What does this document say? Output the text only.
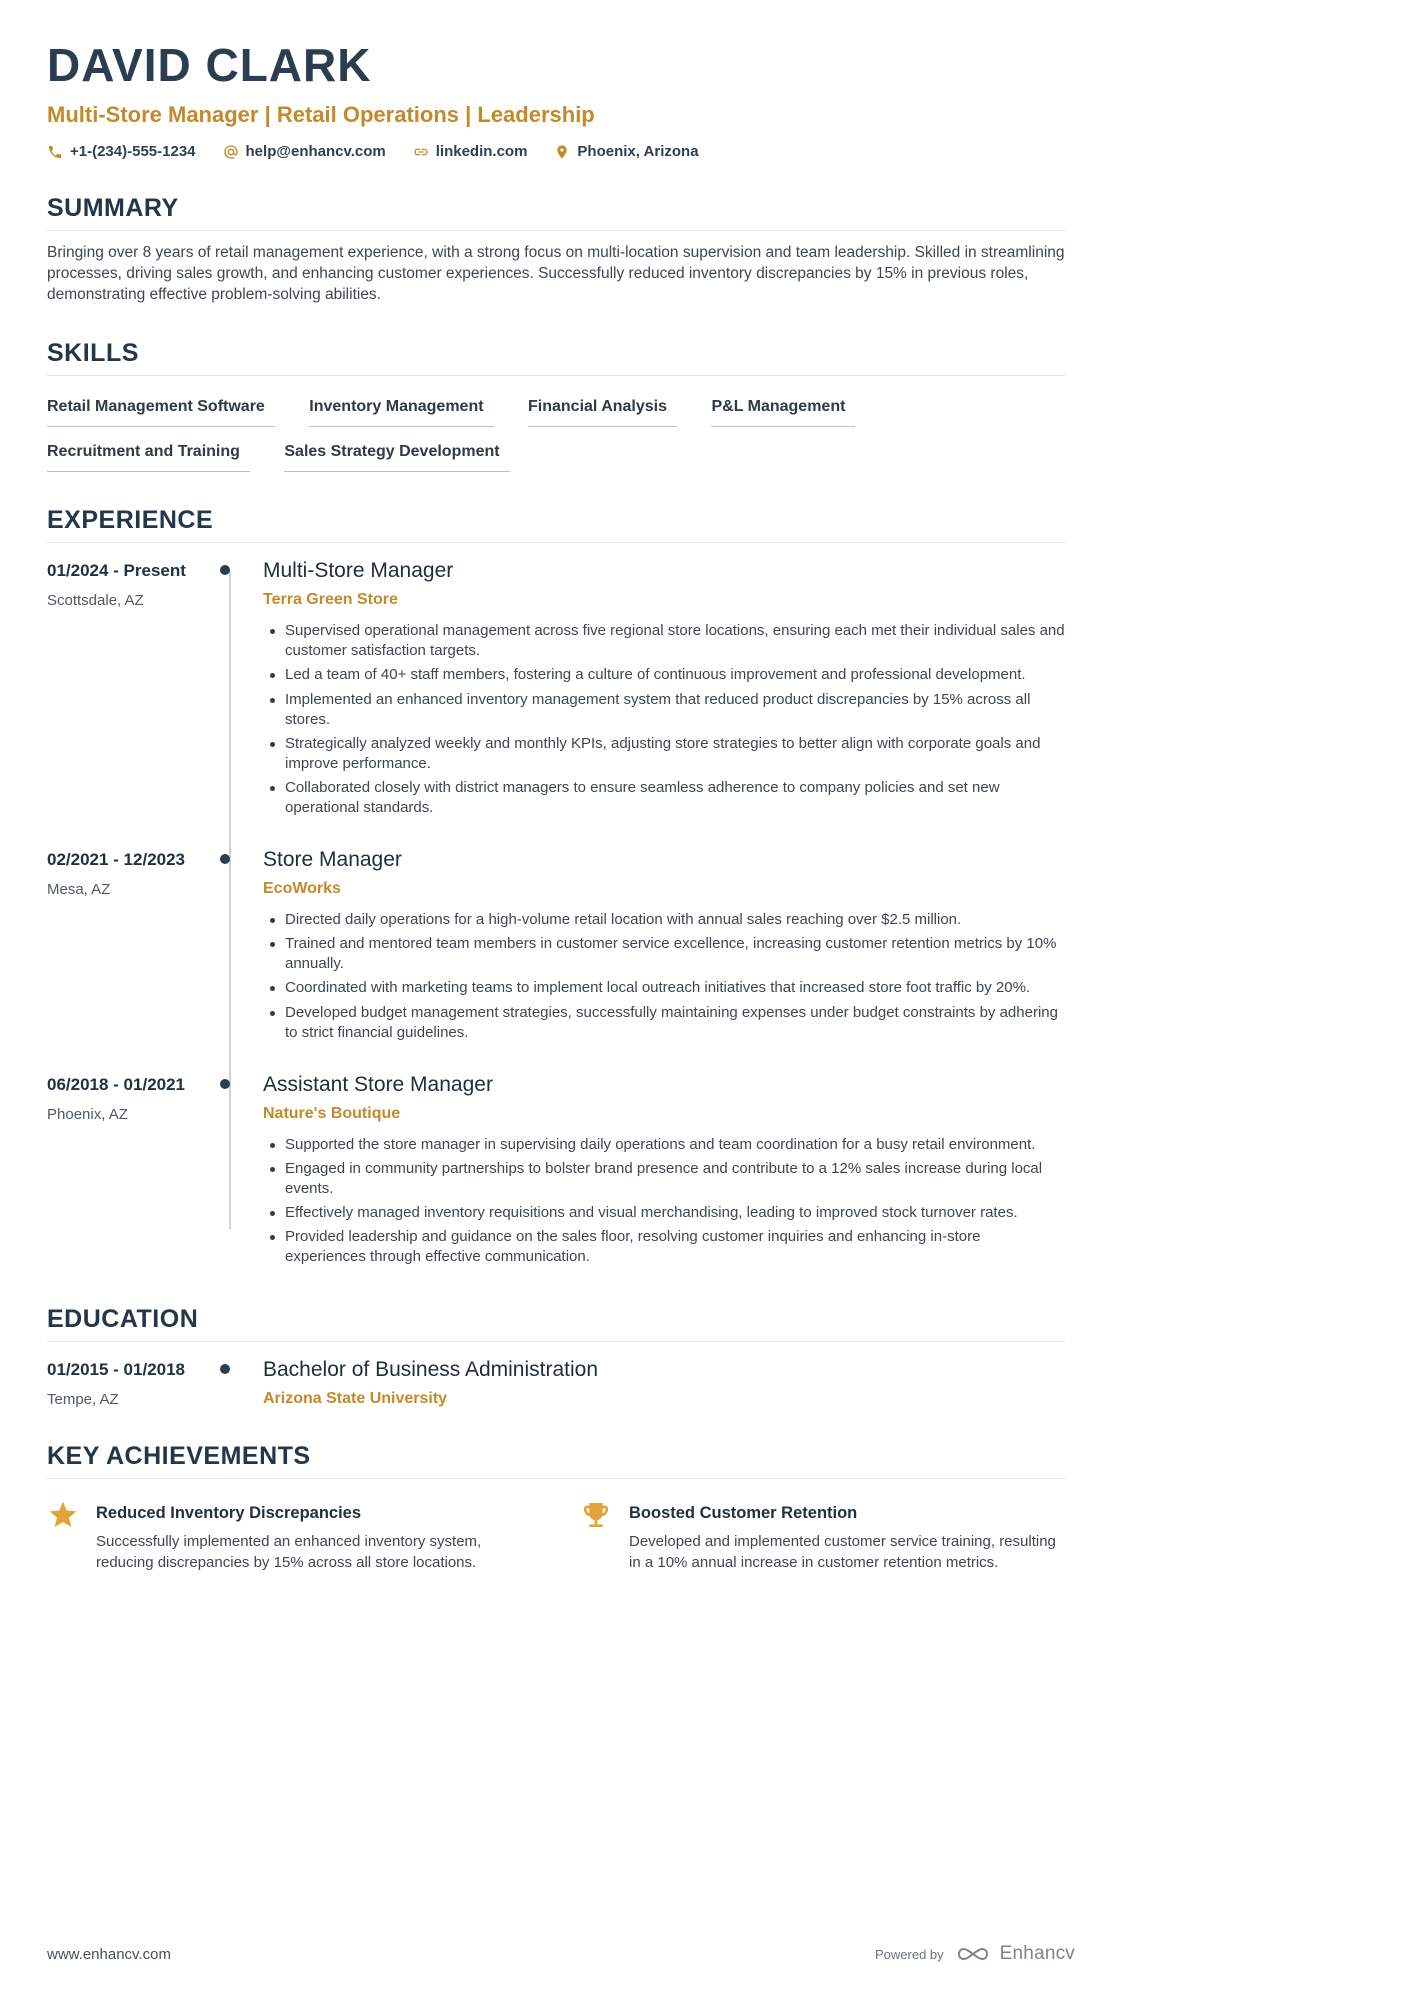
DAVID CLARK
Multi-Store Manager | Retail Operations | Leadership
+1-(234)-555-1234	help@enhancv.com	linkedin.com	Phoenix, Arizona
SUMMARY

Bringing over 8 years of retail management experience, with a strong focus on multi-location supervision and team leadership. Skilled in streamlining processes, driving sales growth, and enhancing customer experiences. Successfully reduced inventory discrepancies by 15% in previous roles, demonstrating effective problem-solving abilities.

SKILLS
Retail Management Software	Inventory Management	Financial Analysis	P&L Management Recruitment and Training	Sales Strategy Development
EXPERIENCE
01/2024 - Present
Scottsdale, AZ
Multi-Store Manager
Terra Green Store
Supervised operational management across five regional store locations, ensuring each met their individual sales and customer satisfaction targets.
Led a team of 40+ staff members, fostering a culture of continuous improvement and professional development.
Implemented an enhanced inventory management system that reduced product discrepancies by 15% across all stores.
Strategically analyzed weekly and monthly KPIs, adjusting store strategies to better align with corporate goals and improve performance.
Collaborated closely with district managers to ensure seamless adherence to company policies and set new operational standards.
02/2021 - 12/2023
Mesa, AZ
Store Manager
EcoWorks
Directed daily operations for a high-volume retail location with annual sales reaching over $2.5 million.
Trained and mentored team members in customer service excellence, increasing customer retention metrics by 10% annually.
Coordinated with marketing teams to implement local outreach initiatives that increased store foot traffic by 20%.
Developed budget management strategies, successfully maintaining expenses under budget constraints by adhering to strict financial guidelines.
06/2018 - 01/2021
Phoenix, AZ
Assistant Store Manager
Nature's Boutique
Supported the store manager in supervising daily operations and team coordination for a busy retail environment.
Engaged in community partnerships to bolster brand presence and contribute to a 12% sales increase during local events.
Effectively managed inventory requisitions and visual merchandising, leading to improved stock turnover rates.
Provided leadership and guidance on the sales floor, resolving customer inquiries and enhancing in-store experiences through effective communication.
EDUCATION
01/2015 - 01/2018
Tempe, AZ
Bachelor of Business Administration
Arizona State University
KEY ACHIEVEMENTS
Reduced Inventory Discrepancies

Successfully implemented an enhanced inventory system, reducing discrepancies by 15% across all store locations.

Boosted Customer Retention

Developed and implemented customer service training, resulting in a 10% annual increase in customer retention metrics.

www.enhancv.com	Powered by	Enhancv
